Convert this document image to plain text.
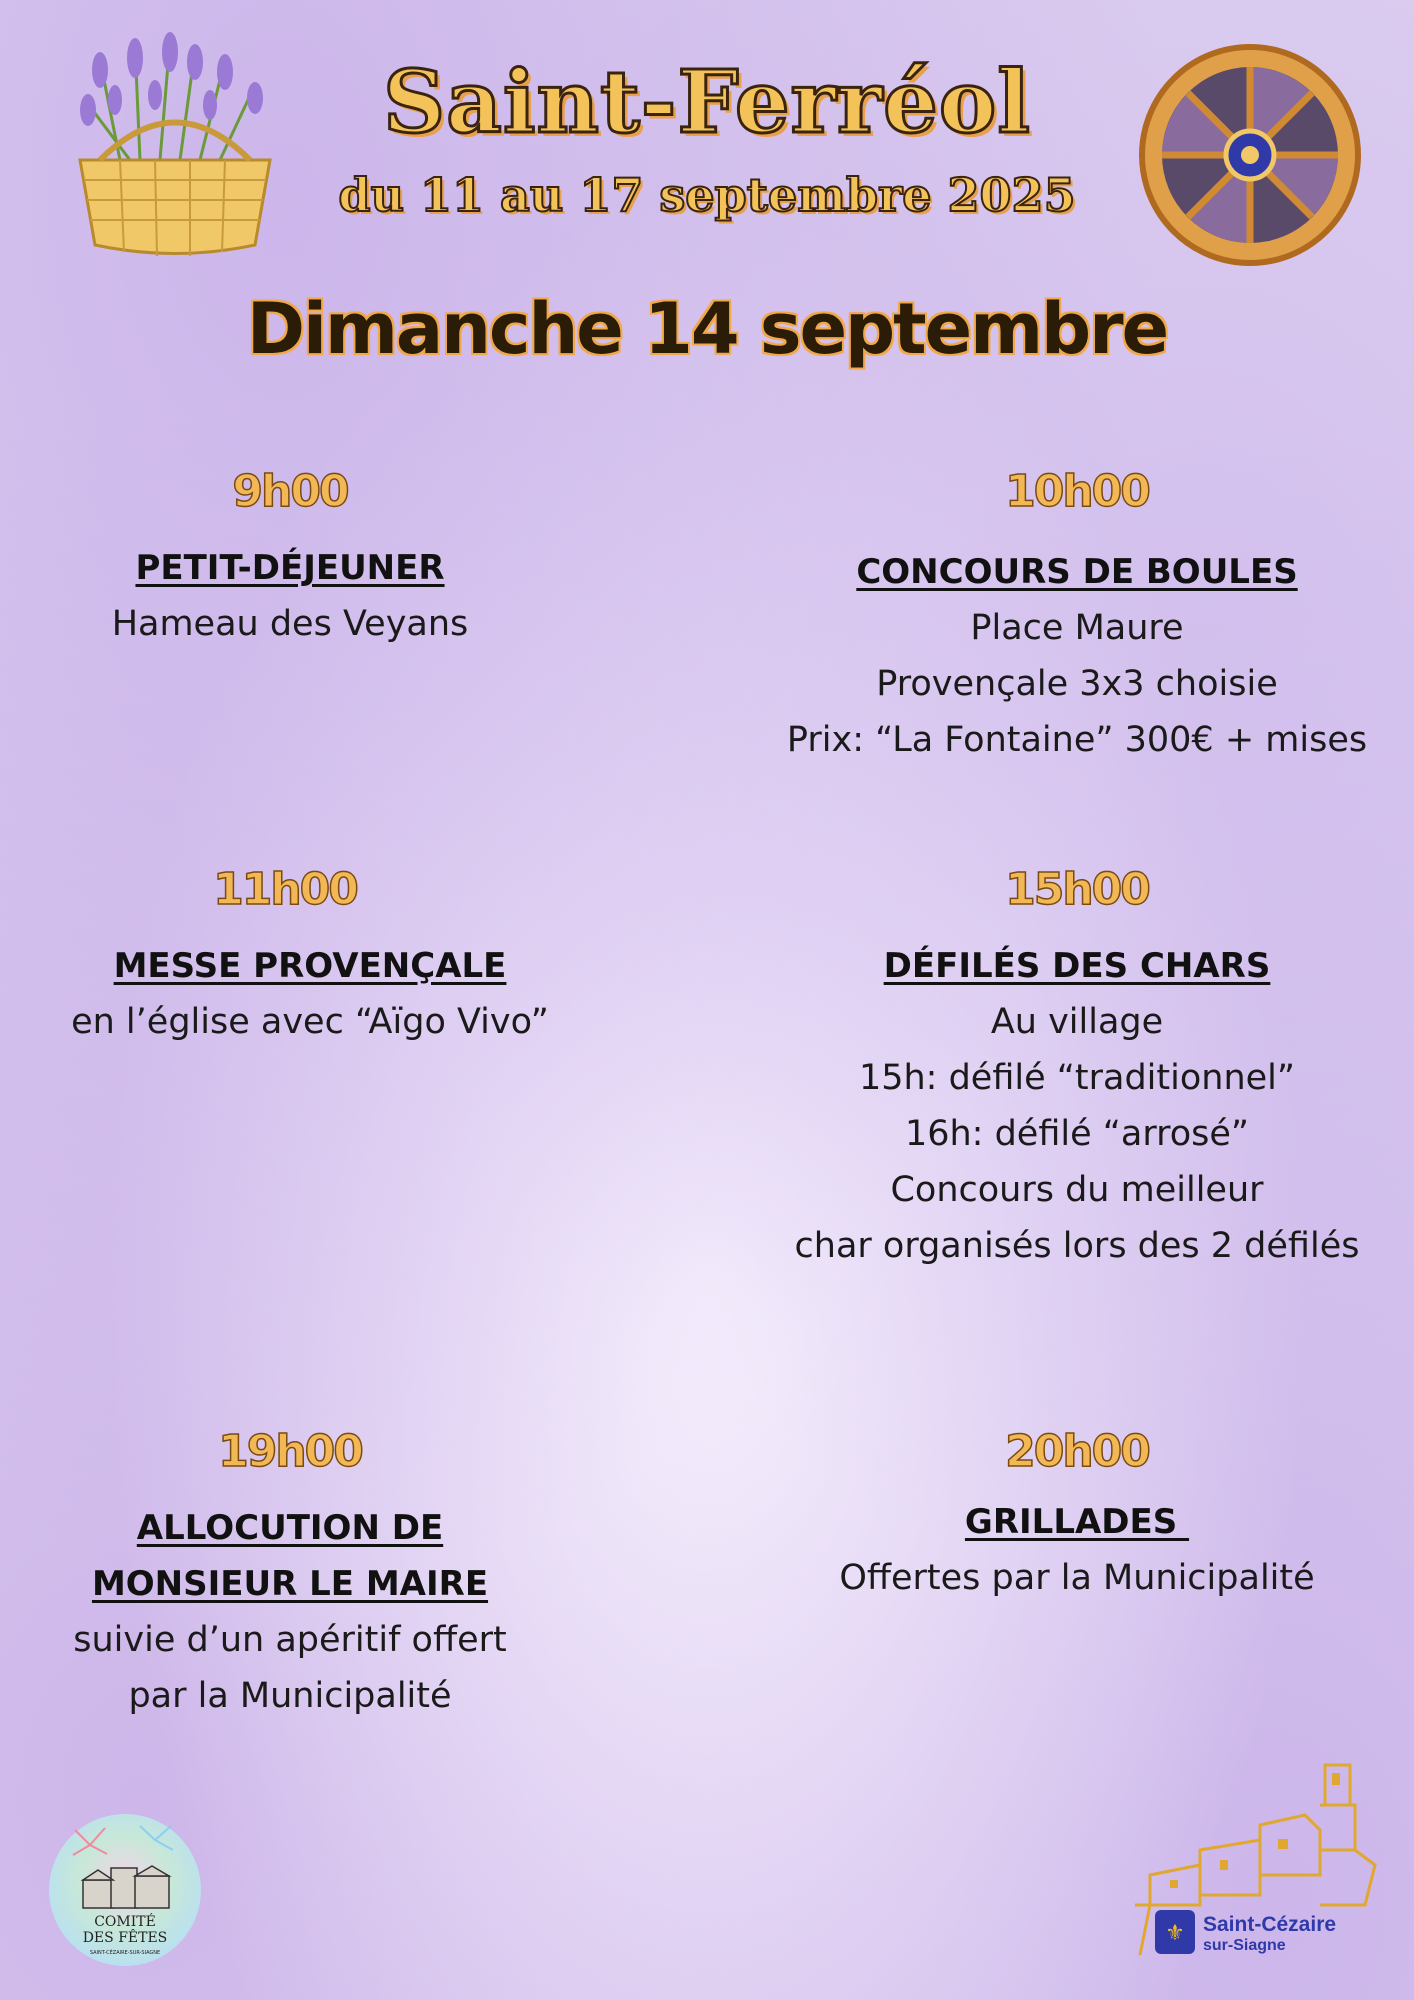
Saint-Ferréol
du 11 au 17 septembre 2025
Dimanche 14 septembre
9h00
PETIT-DÉJEUNER
Hameau des Veyans
10h00
CONCOURS DE BOULES
Place Maure
Provençale 3x3 choisie
Prix: “La Fontaine” 300€ + mises
11h00
MESSE PROVENÇALE
en l’église avec “Aïgo Vivo”
15h00
DÉFILÉS DES CHARS
Au village
15h: défilé “traditionnel”
16h: défilé “arrosé”
Concours du meilleur
char organisés lors des 2 défilés
19h00
ALLOCUTION DE
MONSIEUR LE MAIRE
suivie d’un apéritif offert
par la Municipalité
20h00
GRILLADES
Offertes par la Municipalité
COMITÉ
DES FÊTES
SAINT-CÉZAIRE-SUR-SIAGNE
⚜ Saint-Cézaire
sur-Siagne
